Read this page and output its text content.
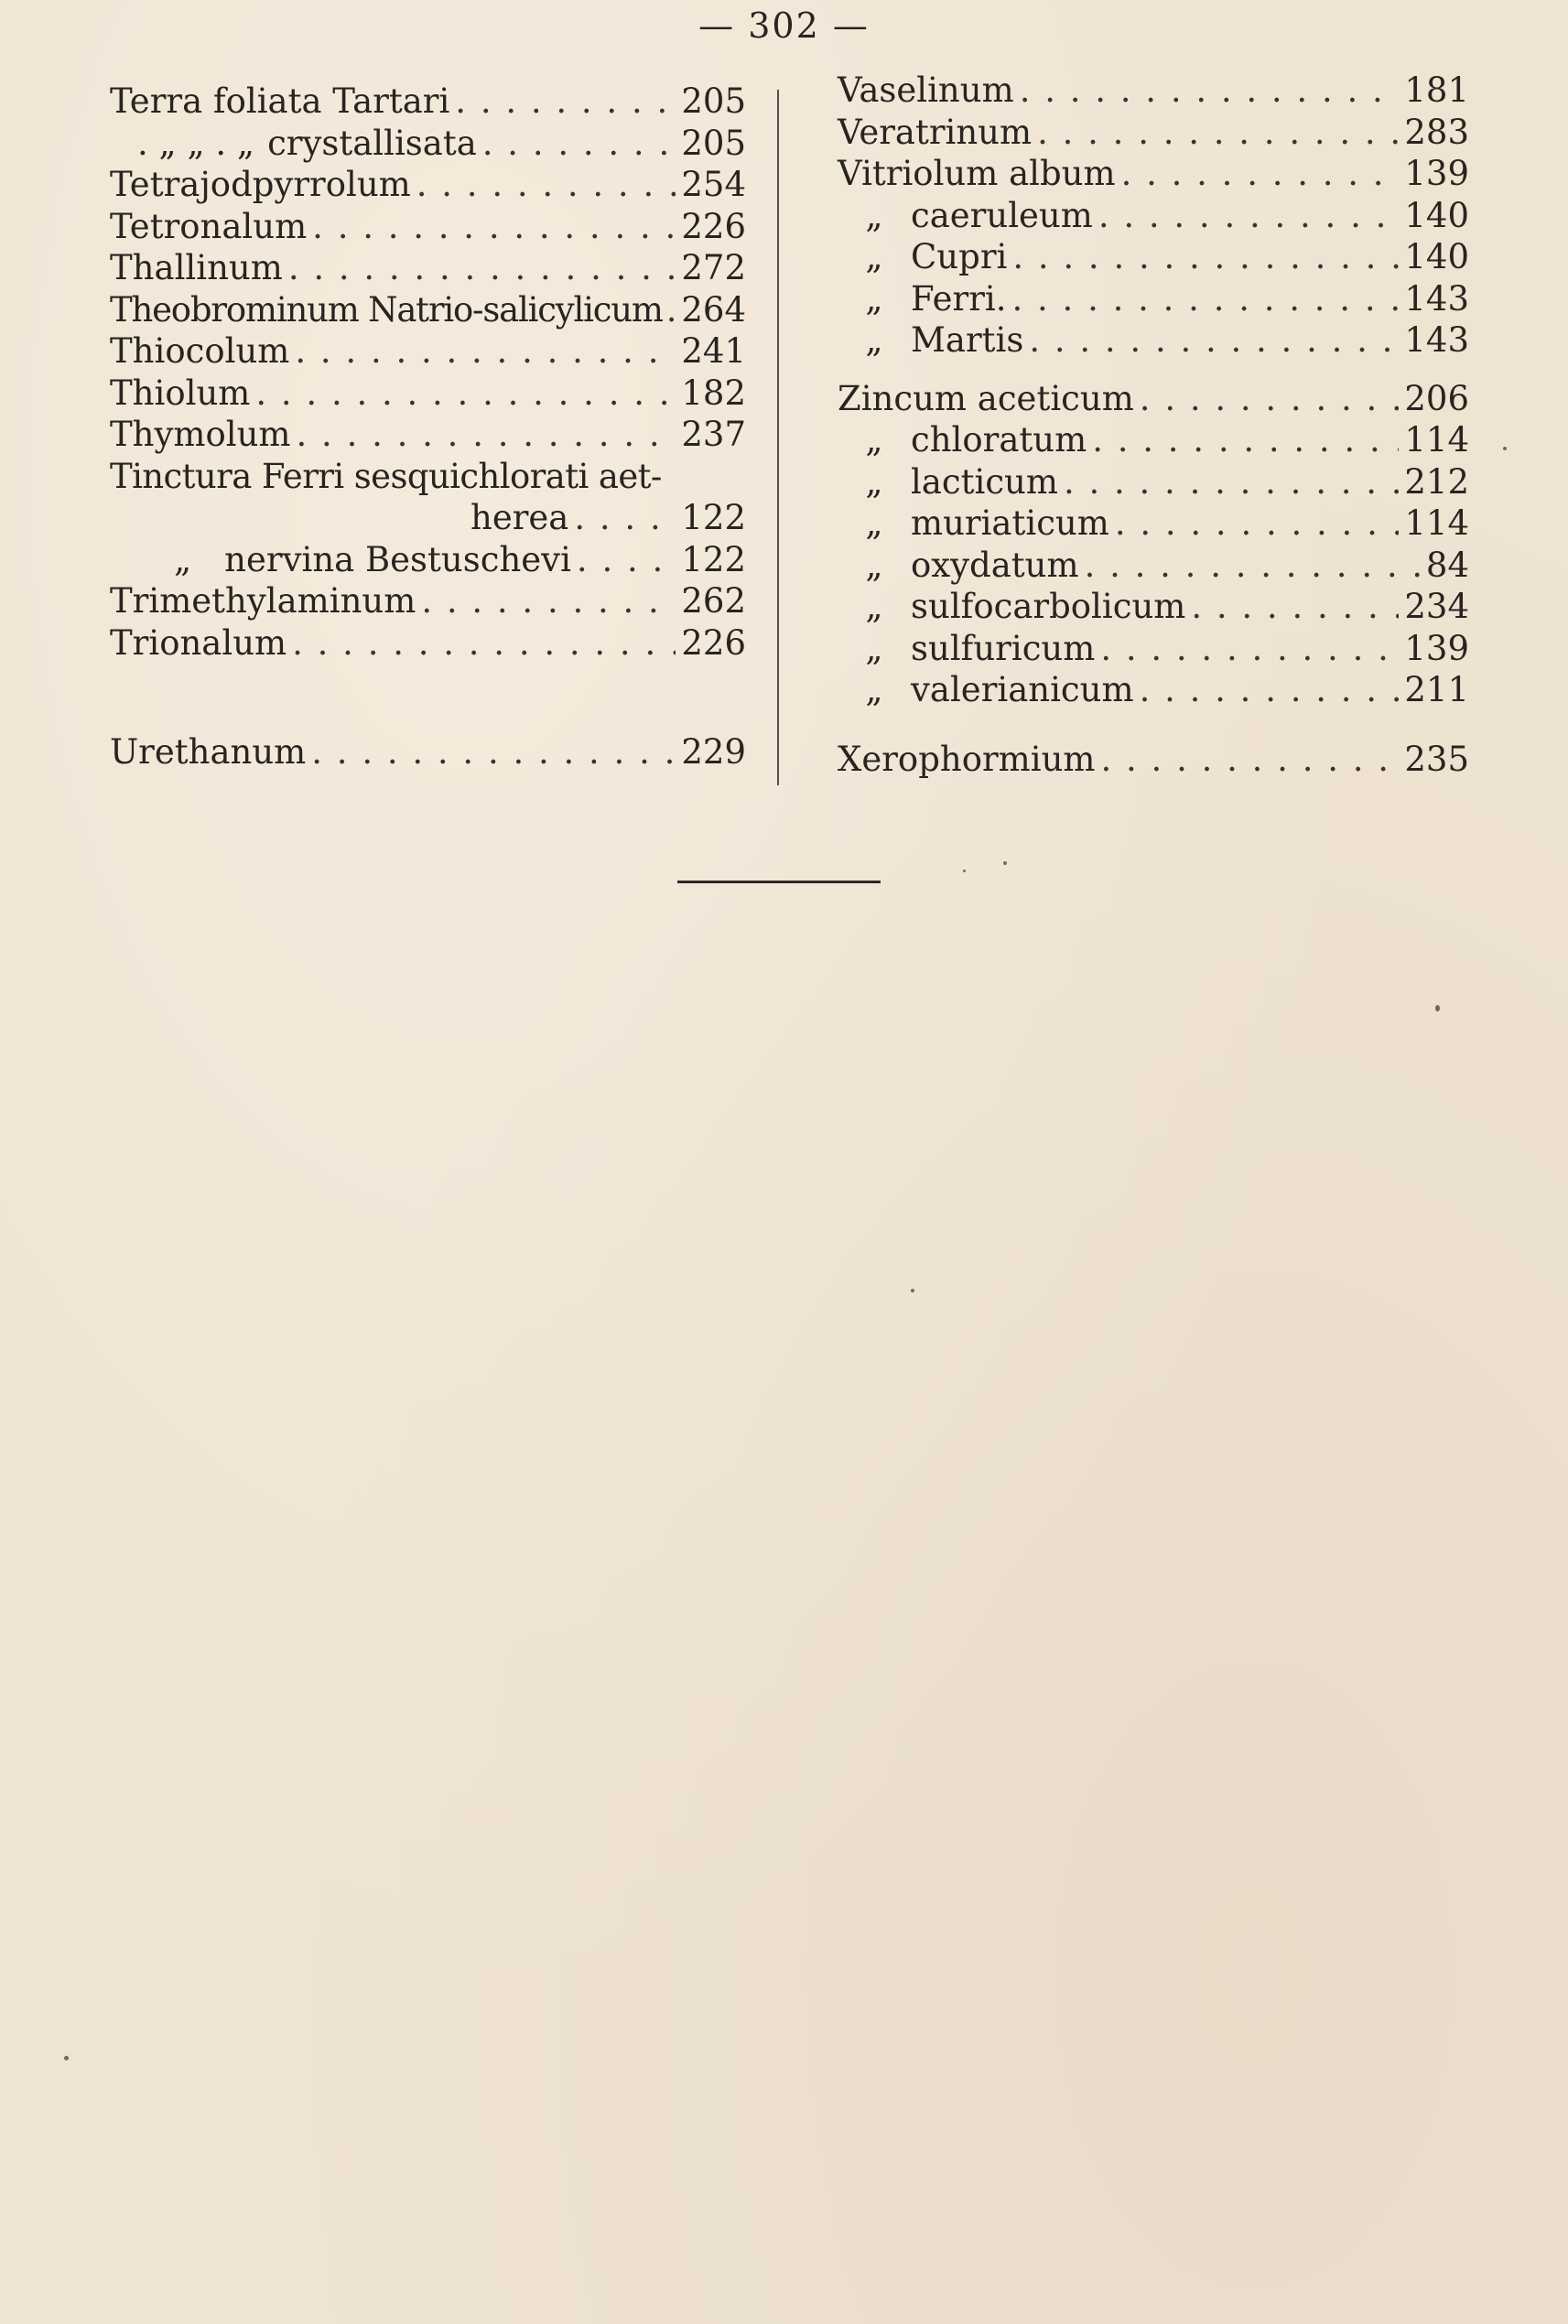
— 302 —
Terra foliata Tartari . . .	205
. „ „ . „ crystallisata . . .	205
Tetrajodpyrrolum . . .	254
Tetronalum . . .	226
Thallinum . . .	272
Theobrominum Natrio-salicylicum . . . 264
Thiocolum . . .	241
Thiolum . . .	182
Thymolum . . .	237
Tinctura Ferri sesquichlorati aet-
herea . . .	122
„ nervina Bestuschevi . . .	122
Trimethylaminum . . .	262
Trionalum . . .	226
Urethanum . . .	229
Vaselinum . . .	181
Veratrinum . . .	283
Vitriolum album . . .	139
„ caeruleum . . .	140
„ Cupri . . .	140
„ Ferri. . . .	143
„ Martis . . .	143
Zincum aceticum . . .	206
„ chloratum . . .	114
„ lacticum . . .	212
„ muriaticum . . .	114
„ oxydatum . . .	84
„ sulfocarbolicum . . .	234
„ sulfuricum . . .	139
„ valerianicum . . .	211
Xerophormium . . .	235
